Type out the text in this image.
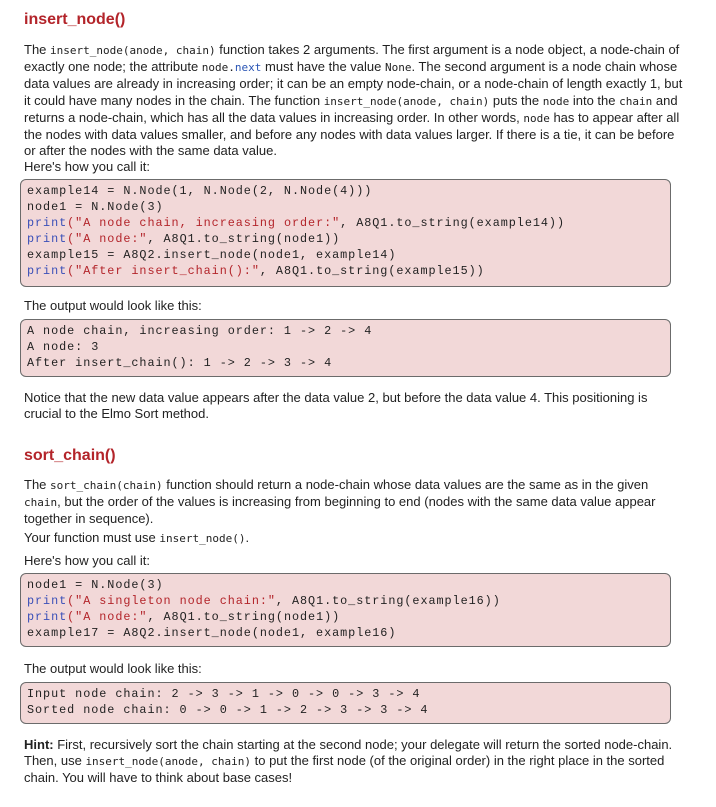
insert_node()

The insert_node(anode, chain) function takes 2 arguments. The first argument is a node object, a node-chain of exactly one node; the attribute node.next must have the value None. The second argument is a node chain whose data values are already in increasing order; it can be an empty node-chain, or a node-chain of length exactly 1, but it could have many nodes in the chain. The function insert_node(anode, chain) puts the node into the chain and returns a node-chain, which has all the data values in increasing order. In other words, node has to appear after all the nodes with data values smaller, and before any nodes with data values larger. If there is a tie, it can be before or after the nodes with the same data value.

Here's how you call it:

example14 = N.Node(1, N.Node(2, N.Node(4)))
node1 = N.Node(3)
print("A node chain, increasing order:", A8Q1.to_string(example14))
print("A node:", A8Q1.to_string(node1))
example15 = A8Q2.insert_node(node1, example14)
print("After insert_chain():", A8Q1.to_string(example15))

The output would look like this:

A node chain, increasing order: 1 -> 2 -> 4
A node: 3
After insert_chain(): 1 -> 2 -> 3 -> 4

Notice that the new data value appears after the data value 2, but before the data value 4. This positioning is crucial to the Elmo Sort method.

sort_chain()

The sort_chain(chain) function should return a node-chain whose data values are the same as in the given chain, but the order of the values is increasing from beginning to end (nodes with the same data value appear together in sequence).

Your function must use insert_node().

Here's how you call it:

node1 = N.Node(3)
print("A singleton node chain:", A8Q1.to_string(example16))
print("A node:", A8Q1.to_string(node1))
example17 = A8Q2.insert_node(node1, example16)

The output would look like this:

Input node chain: 2 -> 3 -> 1 -> 0 -> 0 -> 3 -> 4
Sorted node chain: 0 -> 0 -> 1 -> 2 -> 3 -> 3 -> 4

Hint: First, recursively sort the chain starting at the second node; your delegate will return the sorted node-chain. Then, use insert_node(anode, chain) to put the first node (of the original order) in the right place in the sorted chain. You will have to think about base cases!
